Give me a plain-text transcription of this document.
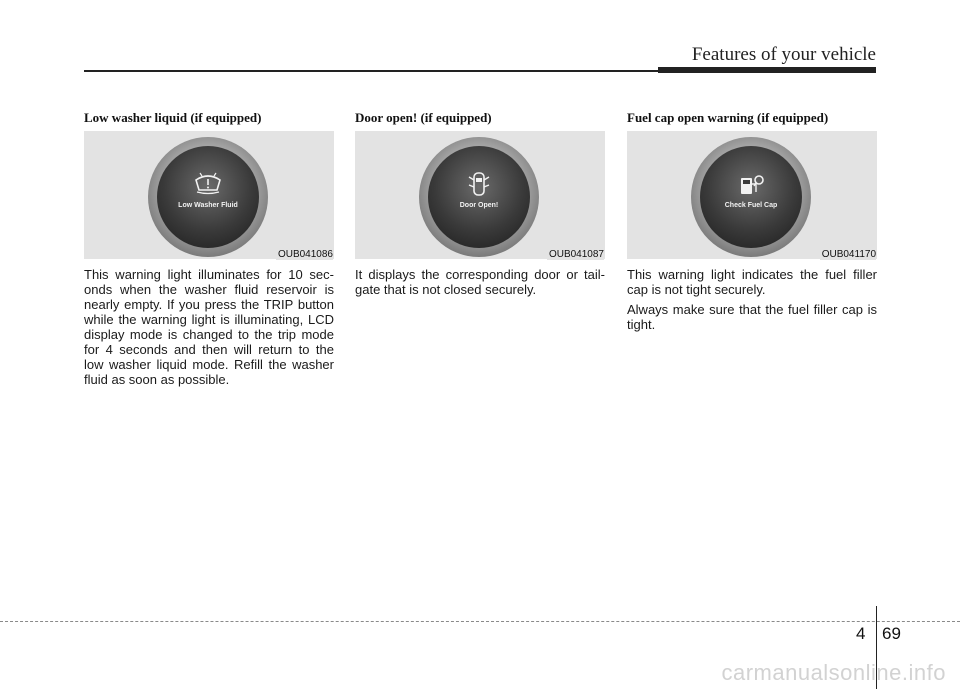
Features of your vehicle
Low washer liquid (if equipped)
Low Washer Fluid
OUB041086

This warning light illuminates for 10 sec-onds when the washer fluid reservoir is nearly empty. If you press the TRIP button while the warning light is illuminating, LCD display mode is changed to the trip mode for 4 seconds and then will return to the low washer liquid mode. Refill the washer fluid as soon as possible.

Door open! (if equipped)
Door Open!
OUB041087

It displays the corresponding door or tail-gate that is not closed securely.

Fuel cap open warning (if equipped)
Check Fuel Cap
OUB041170

This warning light indicates the fuel filler cap is not tight securely.

Always make sure that the fuel filler cap is tight.

4 69
carmanualsonline.info
